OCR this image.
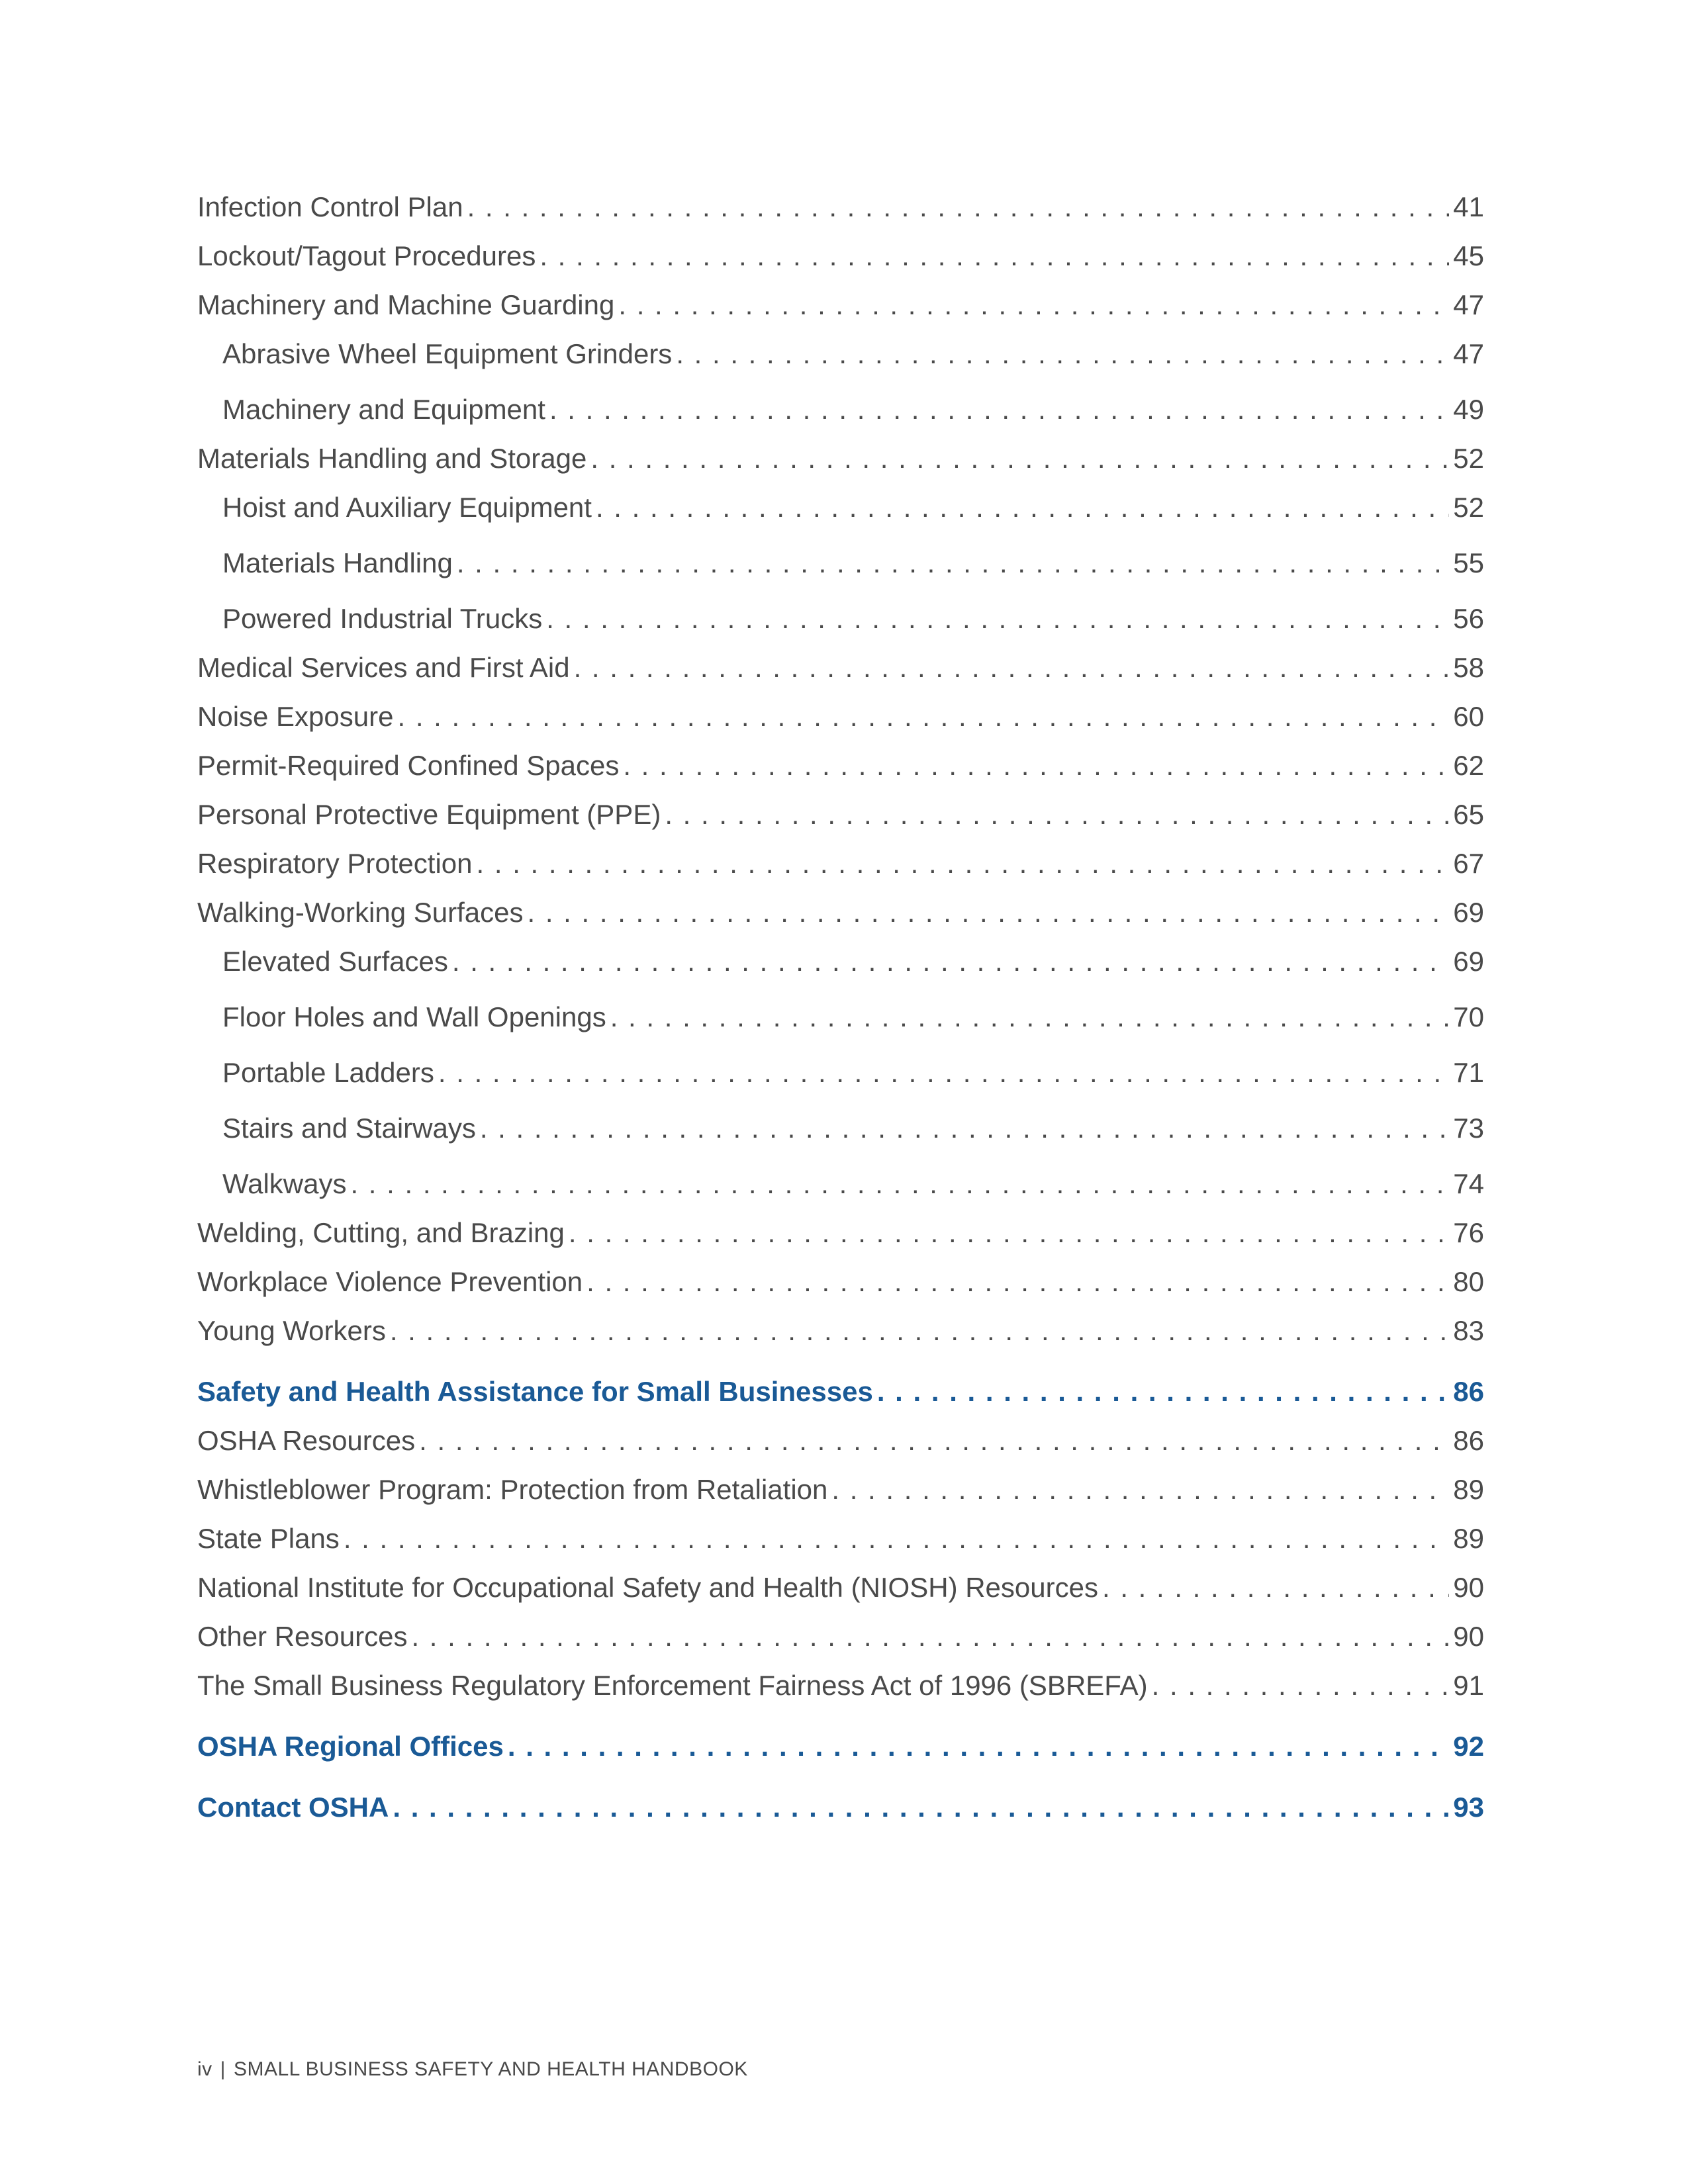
Infection Control Plan . . .	41
Lockout/Tagout Procedures . . .	45
Machinery and Machine Guarding . . .	47
Abrasive Wheel Equipment Grinders . . .	47
Machinery and Equipment . . .	49
Materials Handling and Storage . . .	52
Hoist and Auxiliary Equipment . . .	52
Materials Handling . . .	55
Powered Industrial Trucks . . .	56
Medical Services and First Aid . . .	58
Noise Exposure . . .	60
Permit-Required Confined Spaces . . .	62
Personal Protective Equipment (PPE) . . .	65
Respiratory Protection . . .	67
Walking-Working Surfaces . . .	69
Elevated Surfaces . . .	69
Floor Holes and Wall Openings . . .	70
Portable Ladders . . .	71
Stairs and Stairways . . .	73
Walkways . . .	74
Welding, Cutting, and Brazing . . .	76
Workplace Violence Prevention . . .	80
Young Workers . . .	83
Safety and Health Assistance for Small Businesses . . .	86
OSHA Resources . . .	86
Whistleblower Program: Protection from Retaliation . . .	89
State Plans . . .	89
National Institute for Occupational Safety and Health (NIOSH) Resources . . .	90
Other Resources . . .	90
The Small Business Regulatory Enforcement Fairness Act of 1996 (SBREFA) . . .	91
OSHA Regional Offices . . .	92
Contact OSHA . . .	93
iv | SMALL BUSINESS SAFETY AND HEALTH HANDBOOK
